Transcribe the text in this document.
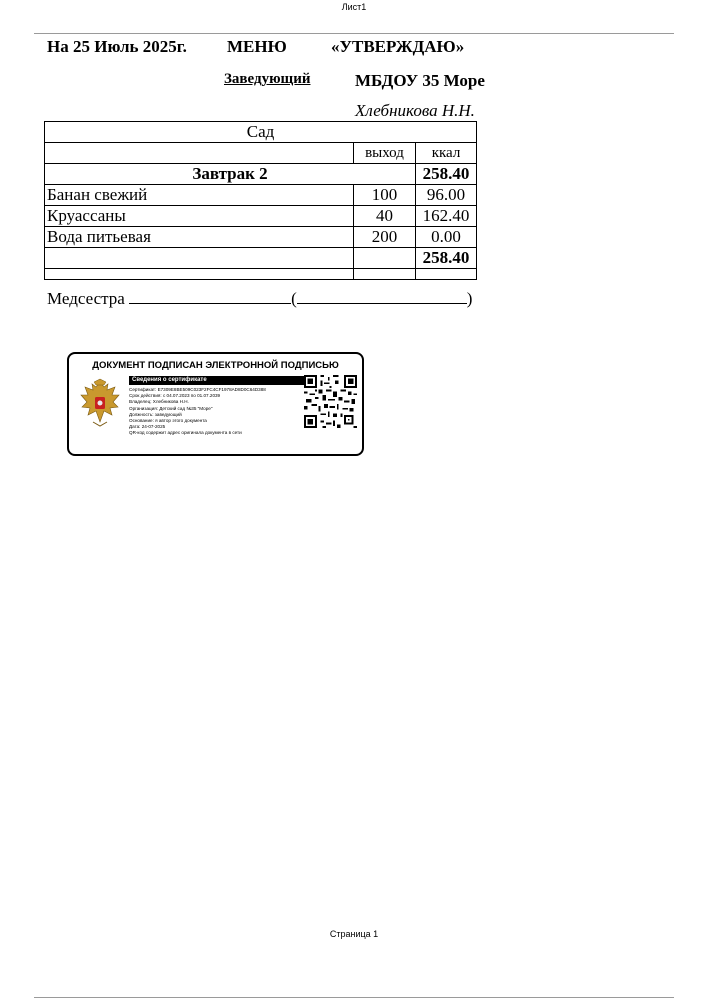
Лист1
На 25 Июль 2025г. МЕНЮ	«УТВЕРЖДАЮ»
Заведующий	МБДОУ 35 Море
Хлебникова Н.Н.
Сад		
	выход	ккал
Завтрак 2		258.40
Банан свежий	100	96.00
Круассаны	40	162.40
Вода питьевая	200	0.00
		258.40

Медсестра	(	)
ДОКУМЕНТ ПОДПИСАН ЭЛЕКТРОННОЙ ПОДПИСЬЮ
Сведения о сертификате
Сертификат: E7309E8BE509C023F2FC4CF1978AD8D0C64D388
Срок действия: с 04.07.2023 по 01.07.2039
Владелец: Хлебникова Н.Н.
Организация: Детский сад №35 "Море"
Должность: заведующий
Основание: я автор этого документа
Дата: 24-07-2025
QR-код содержит адрес оригинала документа в сети
Страница 1
